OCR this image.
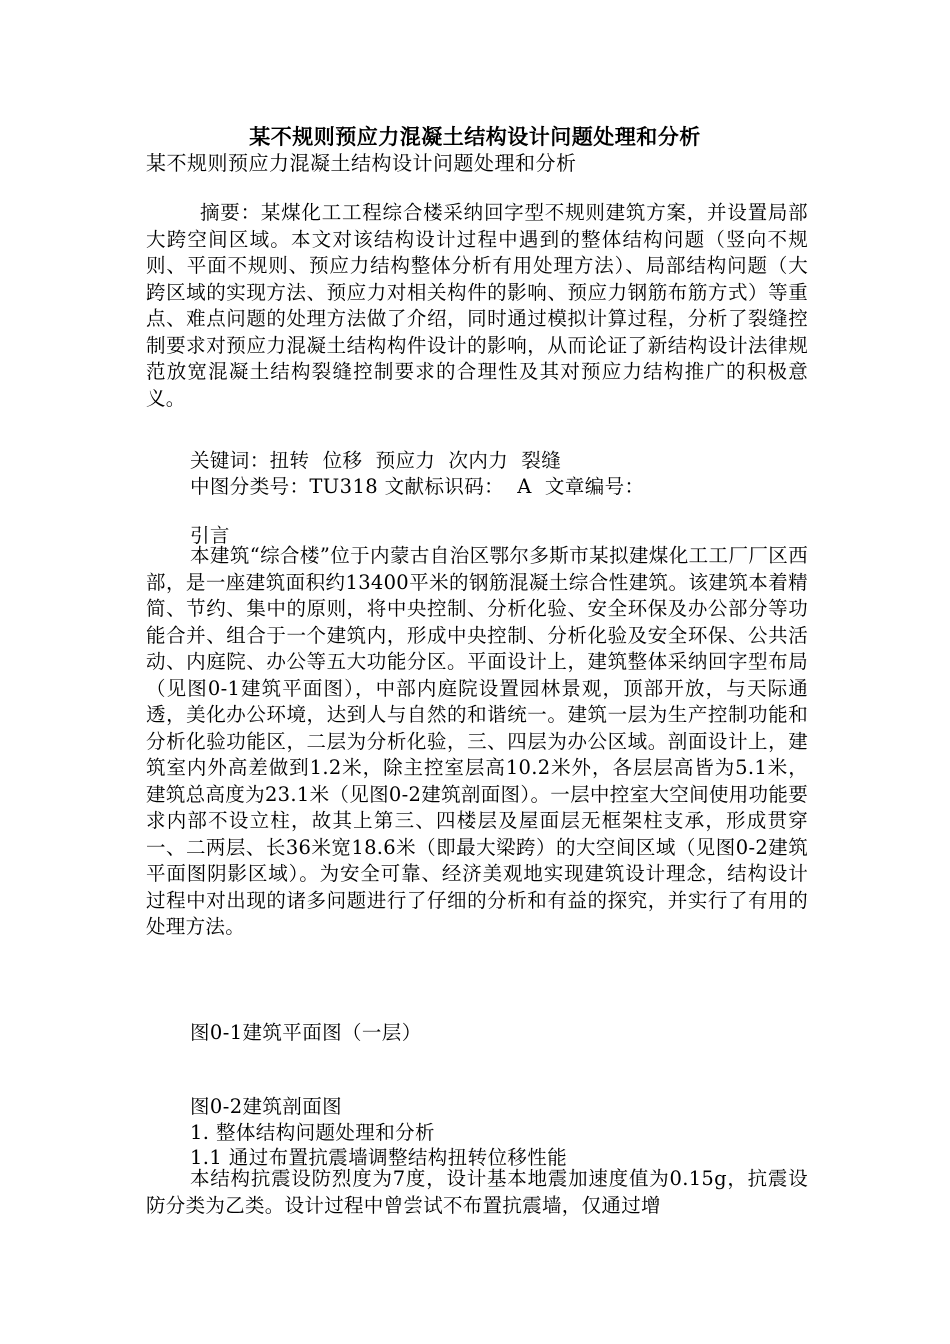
某不规则预应力混凝土结构设计问题处理和分析
某不规则预应力混凝土结构设计问题处理和分析
摘要：某煤化工工程综合楼采纳回字型不规则建筑方案，并设置局部大跨空间区域。本文对该结构设计过程中遇到的整体结构问题（竖向不规则、平面不规则、预应力结构整体分析有用处理方法）、局部结构问题（大跨区域的实现方法、预应力对相关构件的影响、预应力钢筋布筋方式）等重点、难点问题的处理方法做了介绍，同时通过模拟计算过程，分析了裂缝控制要求对预应力混凝土结构构件设计的影响，从而论证了新结构设计法律规范放宽混凝土结构裂缝控制要求的合理性及其对预应力结构推广的积极意义。
关键词：扭转  位移  预应力  次内力  裂缝
中图分类号：TU318 文献标识码：  A  文章编号：
引言
本建筑“综合楼”位于内蒙古自治区鄂尔多斯市某拟建煤化工工厂厂区西部，是一座建筑面积约13400平米的钢筋混凝土综合性建筑。该建筑本着精简、节约、集中的原则，将中央控制、分析化验、安全环保及办公部分等功能合并、组合于一个建筑内，形成中央控制、分析化验及安全环保、公共活动、内庭院、办公等五大功能分区。平面设计上，建筑整体采纳回字型布局（见图0-1建筑平面图），中部内庭院设置园林景观，顶部开放，与天际通透，美化办公环境，达到人与自然的和谐统一。建筑一层为生产控制功能和分析化验功能区，二层为分析化验，三、四层为办公区域。剖面设计上，建筑室内外高差做到1.2米，除主控室层高10.2米外，各层层高皆为5.1米，建筑总高度为23.1米（见图0-2建筑剖面图）。一层中控室大空间使用功能要求内部不设立柱，故其上第三、四楼层及屋面层无框架柱支承，形成贯穿一、二两层、长36米宽18.6米（即最大梁跨）的大空间区域（见图0-2建筑平面图阴影区域）。为安全可靠、经济美观地实现建筑设计理念，结构设计过程中对出现的诸多问题进行了仔细的分析和有益的探究，并实行了有用的处理方法。
图0-1建筑平面图（一层）
图0-2建筑剖面图
1. 整体结构问题处理和分析
1.1 通过布置抗震墙调整结构扭转位移性能
本结构抗震设防烈度为7度，设计基本地震加速度值为0.15g，抗震设防分类为乙类。设计过程中曾尝试不布置抗震墙，仅通过增
